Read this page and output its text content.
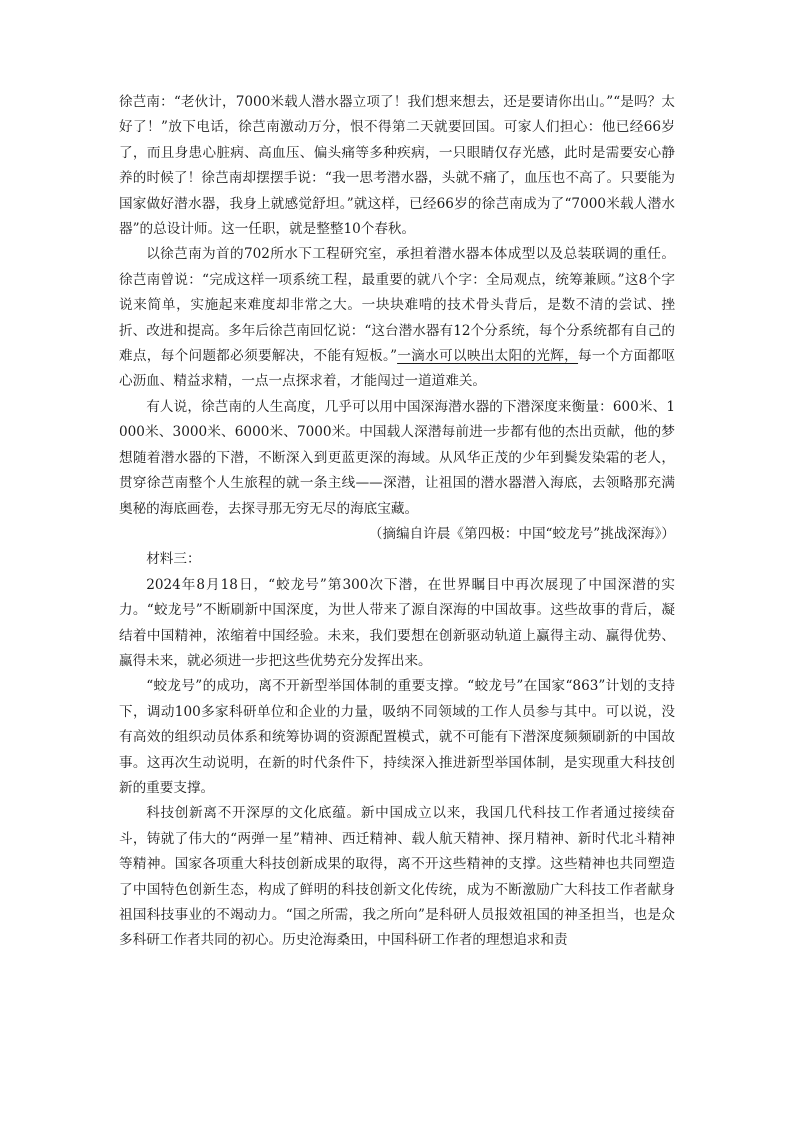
徐芑南：“老伙计，7000米载人潜水器立项了！我们想来想去，还是要请你出山。”“是吗？太好了！”放下电话，徐芑南激动万分，恨不得第二天就要回国。可家人们担心：他已经66岁了，而且身患心脏病、高血压、偏头痛等多种疾病，一只眼睛仅存光感，此时是需要安心静养的时候了！徐芑南却摆摆手说：“我一思考潜水器，头就不痛了，血压也不高了。只要能为国家做好潜水器，我身上就感觉舒坦。”就这样，已经66岁的徐芑南成为了“7000米载人潜水器”的总设计师。这一任职，就是整整10个春秋。

以徐芑南为首的702所水下工程研究室，承担着潜水器本体成型以及总装联调的重任。徐芑南曾说：“完成这样一项系统工程，最重要的就八个字：全局观点，统筹兼顾。”这8个字说来简单，实施起来难度却非常之大。一块块难啃的技术骨头背后，是数不清的尝试、挫折、改进和提高。多年后徐芑南回忆说：“这台潜水器有12个分系统，每个分系统都有自己的难点，每个问题都必须要解决，不能有短板。”一滴水可以映出太阳的光辉，每一个方面都呕心沥血、精益求精，一点一点探求着，才能闯过一道道难关。

有人说，徐芑南的人生高度，几乎可以用中国深海潜水器的下潜深度来衡量：600米、1000米、3000米、6000米、7000米。中国载人深潜每前进一步都有他的杰出贡献，他的梦想随着潜水器的下潜，不断深入到更蓝更深的海域。从风华正茂的少年到鬓发染霜的老人，贯穿徐芑南整个人生旅程的就一条主线——深潜，让祖国的潜水器潜入海底，去领略那充满奥秘的海底画卷，去探寻那无穷无尽的海底宝藏。

（摘编自许晨《第四极：中国“蛟龙号”挑战深海》）

材料三：

2024年8月18日，“蛟龙号”第300次下潜，在世界瞩目中再次展现了中国深潜的实力。“蛟龙号”不断刷新中国深度，为世人带来了源自深海的中国故事。这些故事的背后，凝结着中国精神，浓缩着中国经验。未来，我们要想在创新驱动轨道上赢得主动、赢得优势、赢得未来，就必须进一步把这些优势充分发挥出来。

“蛟龙号”的成功，离不开新型举国体制的重要支撑。“蛟龙号”在国家“863”计划的支持下，调动100多家科研单位和企业的力量，吸纳不同领域的工作人员参与其中。可以说，没有高效的组织动员体系和统筹协调的资源配置模式，就不可能有下潜深度频频刷新的中国故事。这再次生动说明，在新的时代条件下，持续深入推进新型举国体制，是实现重大科技创新的重要支撑。

科技创新离不开深厚的文化底蕴。新中国成立以来，我国几代科技工作者通过接续奋斗，铸就了伟大的“两弹一星”精神、西迁精神、载人航天精神、探月精神、新时代北斗精神等精神。国家各项重大科技创新成果的取得，离不开这些精神的支撑。这些精神也共同塑造了中国特色创新生态，构成了鲜明的科技创新文化传统，成为不断激励广大科技工作者献身祖国科技事业的不竭动力。“国之所需，我之所向”是科研人员报效祖国的神圣担当，也是众多科研工作者共同的初心。历史沧海桑田，中国科研工作者的理想追求和责
